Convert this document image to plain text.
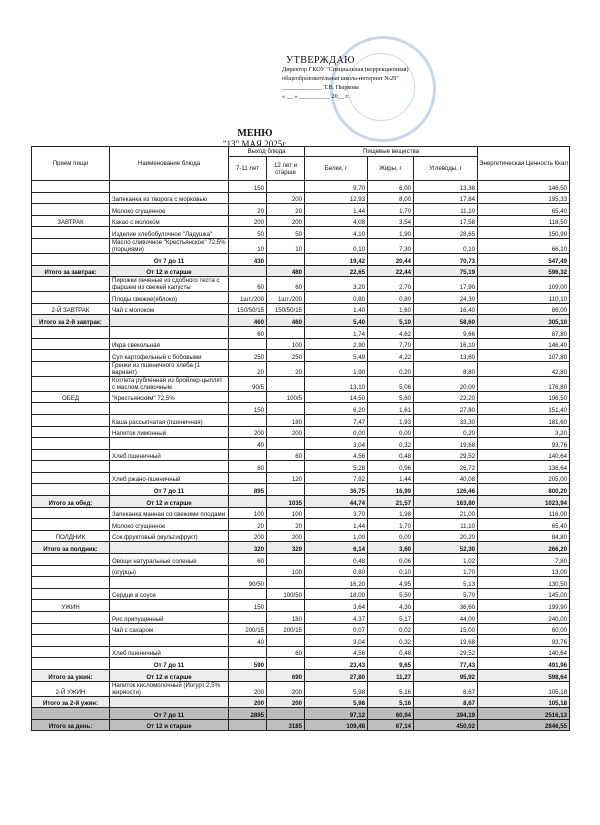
УТВЕРЖДАЮ
Директор ГКОУ "Специальная (коррекционная)
общеобразовательная школа-интернат №29"
_____________ Т.В. Пыркова
« __ » __________ 20__ г.
МЕНЮ
"13" МАЯ 2025г.
Прием пищи	Наименование блюда	Выход блюда		Пищевые вещества			Энергетическая Ценность Ккал
		7-11 лет	12 лет и старше	Белки, г	Жиры, г	Углеводы, г	
		150		9,70	6,00	13,38	146,50
	Запеканка из творога с морковью		200	12,93	8,00	17,84	195,33
	Молоко сгущенное	20	20	1,44	1,70	11,10	65,40
ЗАВТРАК	Какао с молоком	200	200	4,08	3,54	17,58	118,50
	Изделие хлебобулочное "Ладушка"	50	50	4,10	1,90	28,65	150,99
	Масло сливочное "Крестьянское" 72,5% (порциями)	10	10	0,10	7,30	0,10	66,10
	От 7 до 11	430		19,42	20,44	70,73	547,49
Итого за завтрак:	От 12 и старше		480	22,65	22,44	75,19	596,32
	Пирожки печеные из сдобного теста с фаршем из свежей капусты	60	60	3,20	2,70	17,90	109,00
	Плоды свежие(яблоко)	1шт./200	1шт./200	0,80	0,80	24,30	110,10
2-Й ЗАВТРАК	Чай с молоком	150/50/15	150/50/15	1,40	1,60	16,40	86,00
Итого за 2-й завтрак:		460	460	5,40	5,10	58,60	305,10
		60		1,74	4,62	9,66	87,80
	Икра свекольная		100	2,90	7,70	16,10	146,40
	Суп картофельный с бобовыми	250	250	5,49	4,22	13,60	107,80
	Гренки из пшеничного хлеба (1 вариант)	20	20	1,90	0,20	8,80	42,80
	Котлета рубленная из бройлер-цыплят с маслом сливочным	90/5		13,10	5,06	20,00	176,80
ОБЕД	"Крестьянским" 72,5%		100/5	14,50	5,60	22,20	196,50
		150		6,20	1,61	27,80	151,40
	Каша рассыпчатая (пшеничная)		180	7,47	1,93	33,30	181,60
	Напиток лимонный	200	200	0,00	0,00	0,20	3,20
		40		3,04	0,32	19,68	93,76
	Хлеб пшеничный		60	4,56	0,48	29,52	140,64
		80		5,28	0,96	26,72	136,64
	Хлеб ржано-пшеничный		120	7,92	1,44	40,08	205,00
	От 7 до 11	895		36,75	16,99	126,46	800,20
Итого за обед:	От 12 и старше		1035	44,74	21,57	163,80	1023,94
	Запеканка манная со свежими плодами	100	100	3,70	1,98	21,00	116,00
	Молоко сгущенное	20	20	1,44	1,70	11,10	65,40
ПОЛДНИК	Сок фруктовый (мультифрукт)	200	200	1,00	0,00	20,20	84,80
Итого за полдник:		320	320	6,14	3,60	52,30	266,20
	Овощи натуральные соленые	60		0,48	0,06	1,02	7,80
	(огурцы)		100	0,80	0,10	1,70	13,00
		90/50		16,20	4,95	5,13	130,50
	Сердце в соусе		100/50	18,00	5,50	5,70	145,00
УЖИН		150		3,64	4,30	36,60	199,90
	Рис припущенный		180	4,37	5,17	44,00	240,00
	Чай с сахаром	200/15	200/15	0,07	0,02	15,00	60,00
		40		3,04	0,32	19,68	93,76
	Хлеб пшеничный		60	4,56	0,48	29,52	140,64
	От 7 до 11	590		23,43	9,65	77,43	491,96
Итого за ужин:	От 12 и старше		690	27,80	11,27	95,92	598,64
2-Й УЖИН	Напиток кисломолочный (Йогурт 2,5% жирности)	200	200	5,98	5,16	8,67	105,18
Итого за 2-й ужин:		200	200	5,98	5,16	8,67	105,18
	От 7 до 11	2895		97,12	60,94	394,19	2516,13
Итого за день:	От 12 и старше		3185	109,48	67,14	450,02	2846,55
